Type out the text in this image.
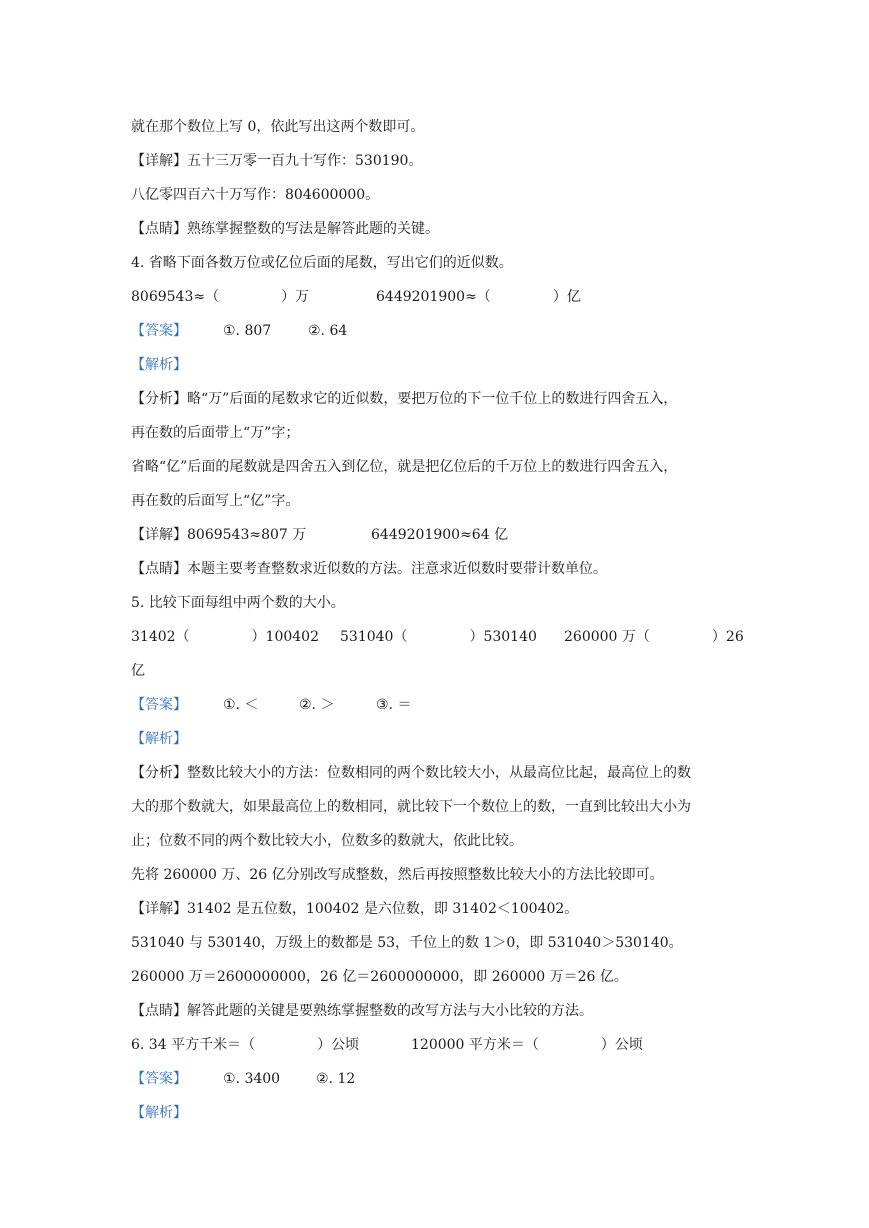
就在那个数位上写 0，依此写出这两个数即可。
【详解】五十三万零一百九十写作：530190。
八亿零四百六十万写作：804600000。
【点睛】熟练掌握整数的写法是解答此题的关键。
4. 省略下面各数万位或亿位后面的尾数，写出它们的近似数。
8069543≈（	）万	6449201900≈（	）亿
【答案】	①. 807	②. 64
【解析】
【分析】略“万”后面的尾数求它的近似数，要把万位的下一位千位上的数进行四舍五入，
再在数的后面带上“万”字；
省略“亿”后面的尾数就是四舍五入到亿位，就是把亿位后的千万位上的数进行四舍五入，
再在数的后面写上“亿”字。
【详解】8069543≈807 万	6449201900≈64 亿
【点睛】本题主要考查整数求近似数的方法。注意求近似数时要带计数单位。
5. 比较下面每组中两个数的大小。
31402（	）100402 531040（	）530140 260000 万（	）26
亿
【答案】	①. ＜	②. ＞	③. ＝
【解析】
【分析】整数比较大小的方法：位数相同的两个数比较大小，从最高位比起，最高位上的数
大的那个数就大，如果最高位上的数相同，就比较下一个数位上的数，一直到比较出大小为
止；位数不同的两个数比较大小，位数多的数就大，依此比较。
先将 260000 万、26 亿分别改写成整数，然后再按照整数比较大小的方法比较即可。
【详解】31402 是五位数，100402 是六位数，即 31402＜100402。
531040 与 530140，万级上的数都是 53，千位上的数 1＞0，即 531040＞530140。
260000 万＝2600000000，26 亿＝2600000000，即 260000 万＝26 亿。
【点睛】解答此题的关键是要熟练掌握整数的改写方法与大小比较的方法。
6. 34 平方千米＝（	）公顷	120000 平方米＝（	）公顷
【答案】	①. 3400	②. 12
【解析】
